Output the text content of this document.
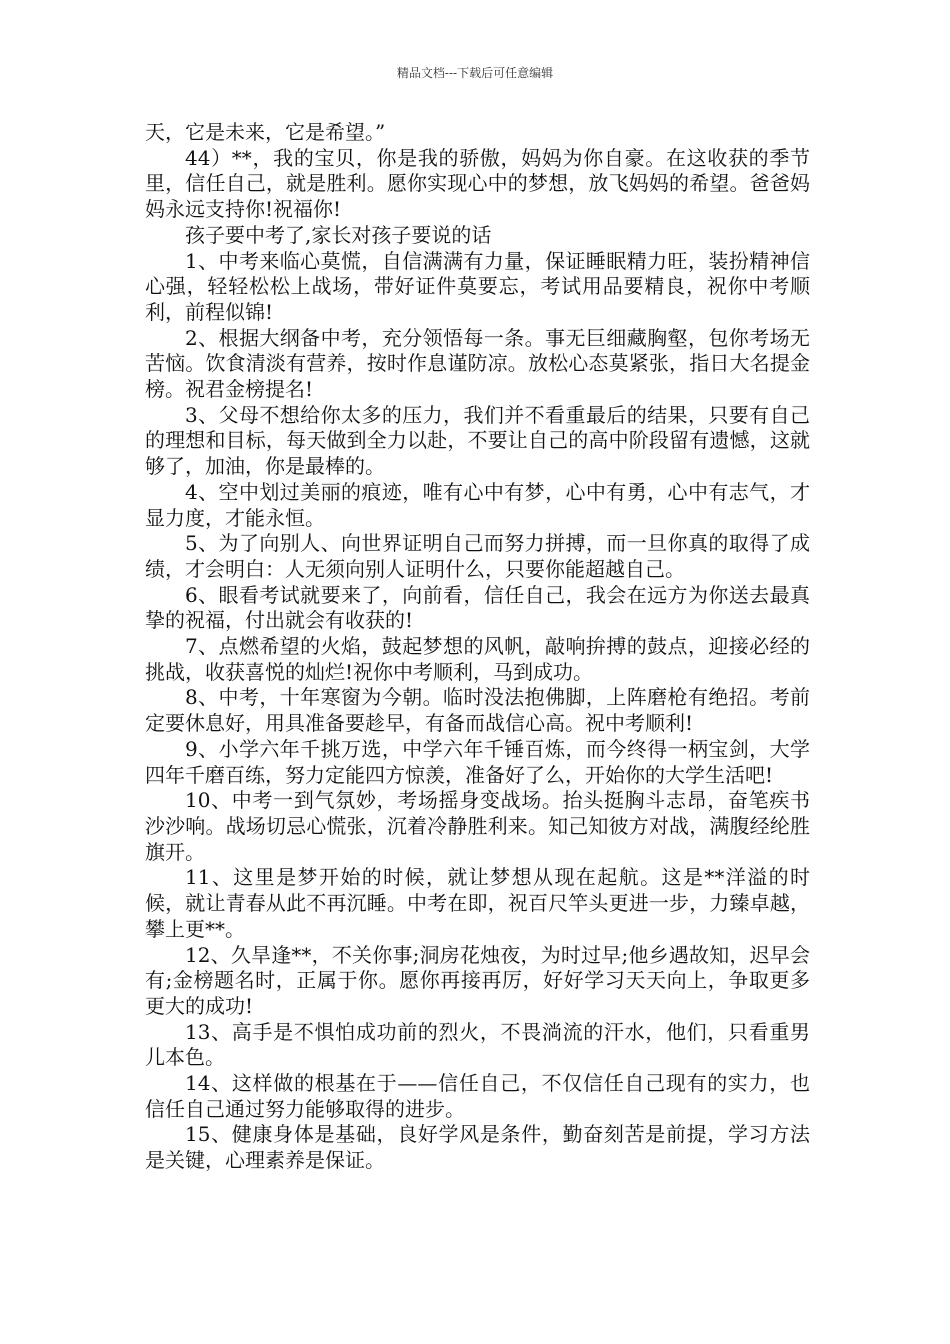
精品文档---下载后可任意编辑

天，它是未来，它是希望。”

44）**，我的宝贝，你是我的骄傲，妈妈为你自豪。在这收获的季节里，信任自己，就是胜利。愿你实现心中的梦想，放飞妈妈的希望。爸爸妈妈永远支持你!祝福你!

孩子要中考了,家长对孩子要说的话

1、中考来临心莫慌，自信满满有力量，保证睡眠精力旺，装扮精神信心强，轻轻松松上战场，带好证件莫要忘，考试用品要精良，祝你中考顺利，前程似锦!

2、根据大纲备中考，充分领悟每一条。事无巨细藏胸壑，包你考场无苦恼。饮食清淡有营养，按时作息谨防凉。放松心态莫紧张，指日大名提金榜。祝君金榜提名!

3、父母不想给你太多的压力，我们并不看重最后的结果，只要有自己的理想和目标，每天做到全力以赴，不要让自己的高中阶段留有遗憾，这就够了，加油，你是最棒的。

4、空中划过美丽的痕迹，唯有心中有梦，心中有勇，心中有志气，才显力度，才能永恒。

5、为了向别人、向世界证明自己而努力拼搏，而一旦你真的取得了成绩，才会明白：人无须向别人证明什么，只要你能超越自己。

6、眼看考试就要来了，向前看，信任自己，我会在远方为你送去最真挚的祝福，付出就会有收获的!

7、点燃希望的火焰，鼓起梦想的风帆，敲响拚搏的鼓点，迎接必经的挑战，收获喜悦的灿烂!祝你中考顺利，马到成功。

8、中考，十年寒窗为今朝。临时没法抱佛脚，上阵磨枪有绝招。考前定要休息好，用具准备要趁早，有备而战信心高。祝中考顺利!

9、小学六年千挑万选，中学六年千锤百炼，而今终得一柄宝剑，大学四年千磨百练，努力定能四方惊羡，准备好了么，开始你的大学生活吧!

10、中考一到气氛妙，考场摇身变战场。抬头挺胸斗志昂，奋笔疾书沙沙响。战场切忌心慌张，沉着冷静胜利来。知己知彼方对战，满腹经纶胜旗开。

11、这里是梦开始的时候，就让梦想从现在起航。这是**洋溢的时候，就让青春从此不再沉睡。中考在即，祝百尺竿头更进一步，力臻卓越，攀上更**。

12、久旱逢**，不关你事;洞房花烛夜，为时过早;他乡遇故知，迟早会有;金榜题名时，正属于你。愿你再接再厉，好好学习天天向上，争取更多更大的成功!

13、高手是不惧怕成功前的烈火，不畏淌流的汗水，他们，只看重男儿本色。

14、这样做的根基在于——信任自己，不仅信任自己现有的实力，也信任自己通过努力能够取得的进步。

15、健康身体是基础，良好学风是条件，勤奋刻苦是前提，学习方法是关键，心理素养是保证。
